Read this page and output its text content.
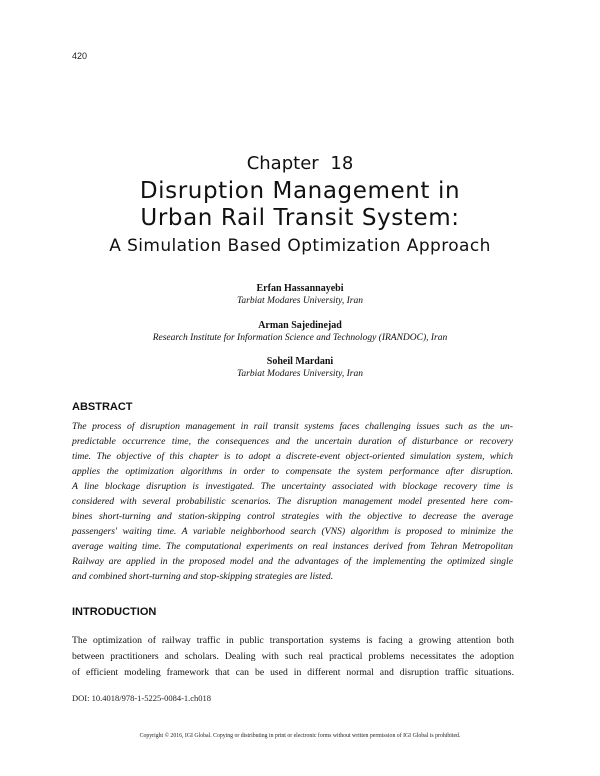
420
Chapter 18
Disruption Management in
Urban Rail Transit System:
A Simulation Based Optimization Approach
Erfan Hassannayebi
Tarbiat Modares University, Iran
Arman Sajedinejad
Research Institute for Information Science and Technology (IRANDOC), Iran
Soheil Mardani
Tarbiat Modares University, Iran
ABSTRACT
The process of disruption management in rail transit systems faces challenging issues such as the un-
predictable occurrence time, the consequences and the uncertain duration of disturbance or recovery
time. The objective of this chapter is to adopt a discrete-event object-oriented simulation system, which
applies the optimization algorithms in order to compensate the system performance after disruption.
A line blockage disruption is investigated. The uncertainty associated with blockage recovery time is
considered with several probabilistic scenarios. The disruption management model presented here com-
bines short-turning and station-skipping control strategies with the objective to decrease the average
passengers' waiting time. A variable neighborhood search (VNS) algorithm is proposed to minimize the
average waiting time. The computational experiments on real instances derived from Tehran Metropolitan
Railway are applied in the proposed model and the advantages of the implementing the optimized single
and combined short-turning and stop-skipping strategies are listed.
INTRODUCTION
The optimization of railway traffic in public transportation systems is facing a growing attention both
between practitioners and scholars. Dealing with such real practical problems necessitates the adoption
of efficient modeling framework that can be used in different normal and disruption traffic situations.
DOI: 10.4018/978-1-5225-0084-1.ch018
Copyright © 2016, IGI Global. Copying or distributing in print or electronic forms without written permission of IGI Global is prohibited.
